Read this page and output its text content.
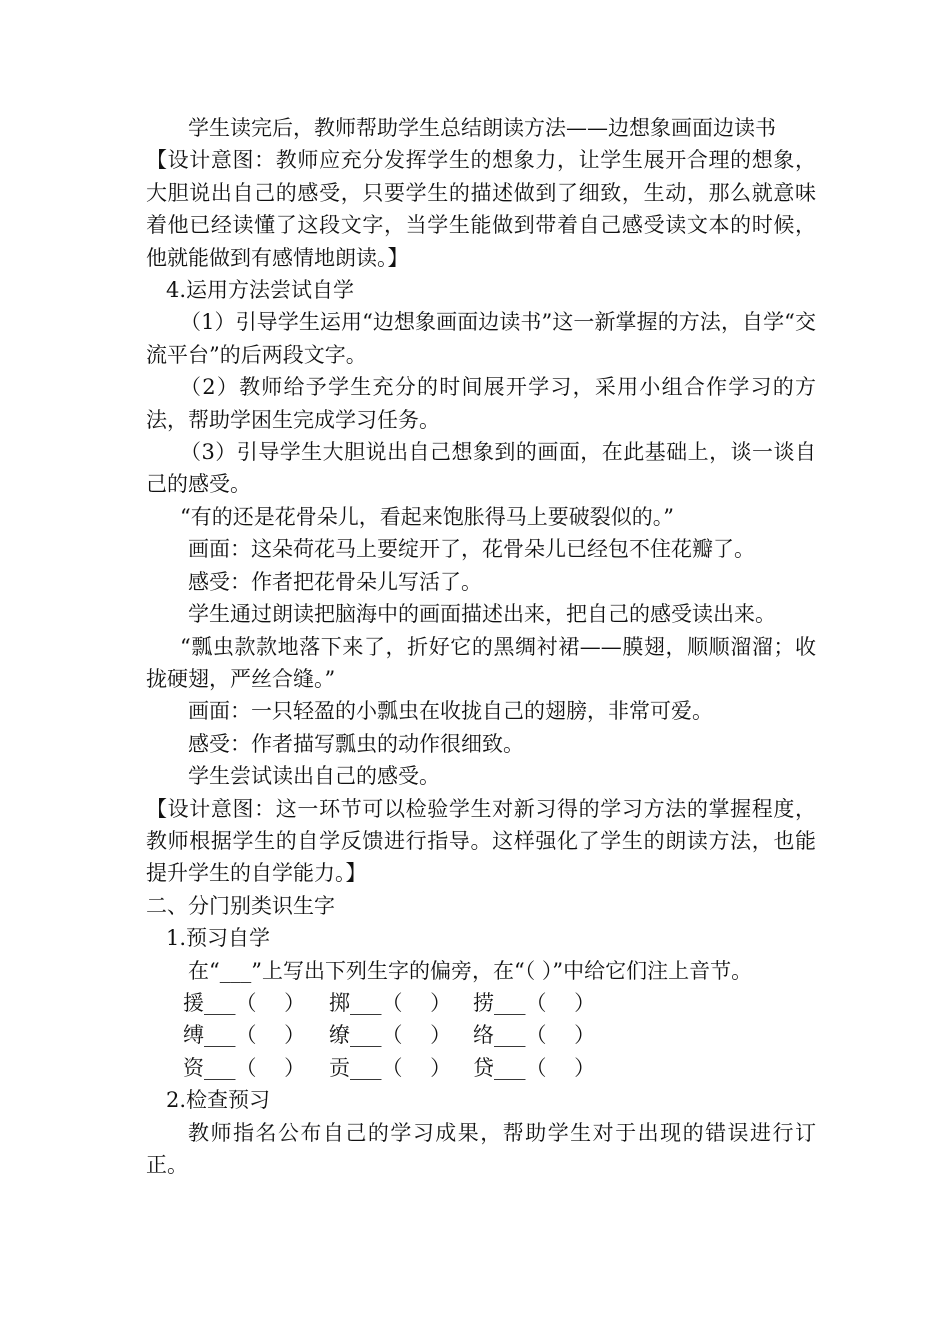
学生读完后，教师帮助学生总结朗读方法——边想象画面边读书

【设计意图：教师应充分发挥学生的想象力，让学生展开合理的想象，大胆说出自己的感受，只要学生的描述做到了细致，生动，那么就意味着他已经读懂了这段文字，当学生能做到带着自己感受读文本的时候，他就能做到有感情地朗读。】

4.运用方法尝试自学

（1）引导学生运用“边想象画面边读书”这一新掌握的方法，自学“交流平台”的后两段文字。

（2）教师给予学生充分的时间展开学习，采用小组合作学习的方法，帮助学困生完成学习任务。

（3）引导学生大胆说出自己想象到的画面，在此基础上，谈一谈自己的感受。

“有的还是花骨朵儿，看起来饱胀得马上要破裂似的。”

画面：这朵荷花马上要绽开了，花骨朵儿已经包不住花瓣了。

感受：作者把花骨朵儿写活了。

学生通过朗读把脑海中的画面描述出来，把自己的感受读出来。

“瓢虫款款地落下来了，折好它的黑绸衬裙——膜翅，顺顺溜溜；收拢硬翅，严丝合缝。”

画面：一只轻盈的小瓢虫在收拢自己的翅膀，非常可爱。

感受：作者描写瓢虫的动作很细致。

学生尝试读出自己的感受。

【设计意图：这一环节可以检验学生对新习得的学习方法的掌握程度，教师根据学生的自学反馈进行指导。这样强化了学生的朗读方法，也能提升学生的自学能力。】

二、分门别类识生字

1.预习自学

在“___”上写出下列生字的偏旁，在“（ ）”中给它们注上音节。

援___（　 ）	掷___（　 ）	捞___（　 ）
缚___（　 ）	缭___（　 ）	络___（　 ）
资___（　 ）	贡___（　 ）	贷___（　 ）

2.检查预习

教师指名公布自己的学习成果，帮助学生对于出现的错误进行订正。
